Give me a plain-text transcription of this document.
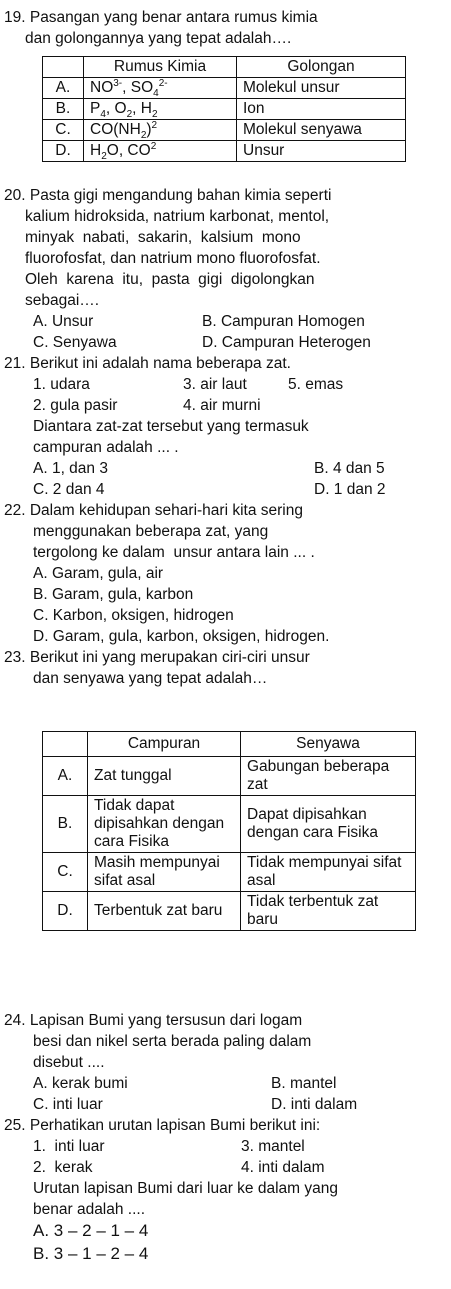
19. Pasangan yang benar antara rumus kimia
dan golongannya yang tepat adalah….
	Rumus Kimia	Golongan
A.	$NO^{3-}$, $SO_4^{2-}$	Molekul unsur
B.	$P_4$, $O_2$, $H_2$	Ion
C.	$CO(NH_2)^2$	Molekul senyawa
D.	$H_2O$, $CO^2$	Unsur
20. Pasta gigi mengandung bahan kimia seperti
kalium hidroksida, natrium karbonat, mentol,
minyak  nabati,  sakarin,  kalsium  mono
fluorofosfat, dan natrium mono fluorofosfat.
Oleh  karena  itu,  pasta  gigi  digolongkan
sebagai….
A. Unsur	B. Campuran Homogen
C. Senyawa	D. Campuran Heterogen
21. Berikut ini adalah nama beberapa zat.
1. udara	3. air laut	5. emas
2. gula pasir	4. air murni
Diantara zat-zat tersebut yang termasuk
campuran adalah ... .
A. 1, dan 3	B. 4 dan 5
C. 2 dan 4	D. 1 dan 2
22. Dalam kehidupan sehari-hari kita sering
menggunakan beberapa zat, yang
tergolong ke dalam  unsur antara lain ... .
A. Garam, gula, air
B. Garam, gula, karbon
C. Karbon, oksigen, hidrogen
D. Garam, gula, karbon, oksigen, hidrogen.
23. Berikut ini yang merupakan ciri-ciri unsur
dan senyawa yang tepat adalah…
	Campuran	Senyawa
A.	Zat tunggal	Gabungan beberapa zat
B.	Tidak dapat dipisahkan dengan cara Fisika	Dapat dipisahkan dengan cara Fisika
C.	Masih mempunyai sifat asal	Tidak mempunyai sifat asal
D.	Terbentuk zat baru	Tidak terbentuk zat baru
24. Lapisan Bumi yang tersusun dari logam
besi dan nikel serta berada paling dalam
disebut ....
A. kerak bumi	B. mantel
C. inti luar	D. inti dalam
25. Perhatikan urutan lapisan Bumi berikut ini:
1.  inti luar	3. mantel
2.  kerak	4. inti dalam
Urutan lapisan Bumi dari luar ke dalam yang
benar adalah ....
A. 3 – 2 – 1 – 4
B. 3 – 1 – 2 – 4
